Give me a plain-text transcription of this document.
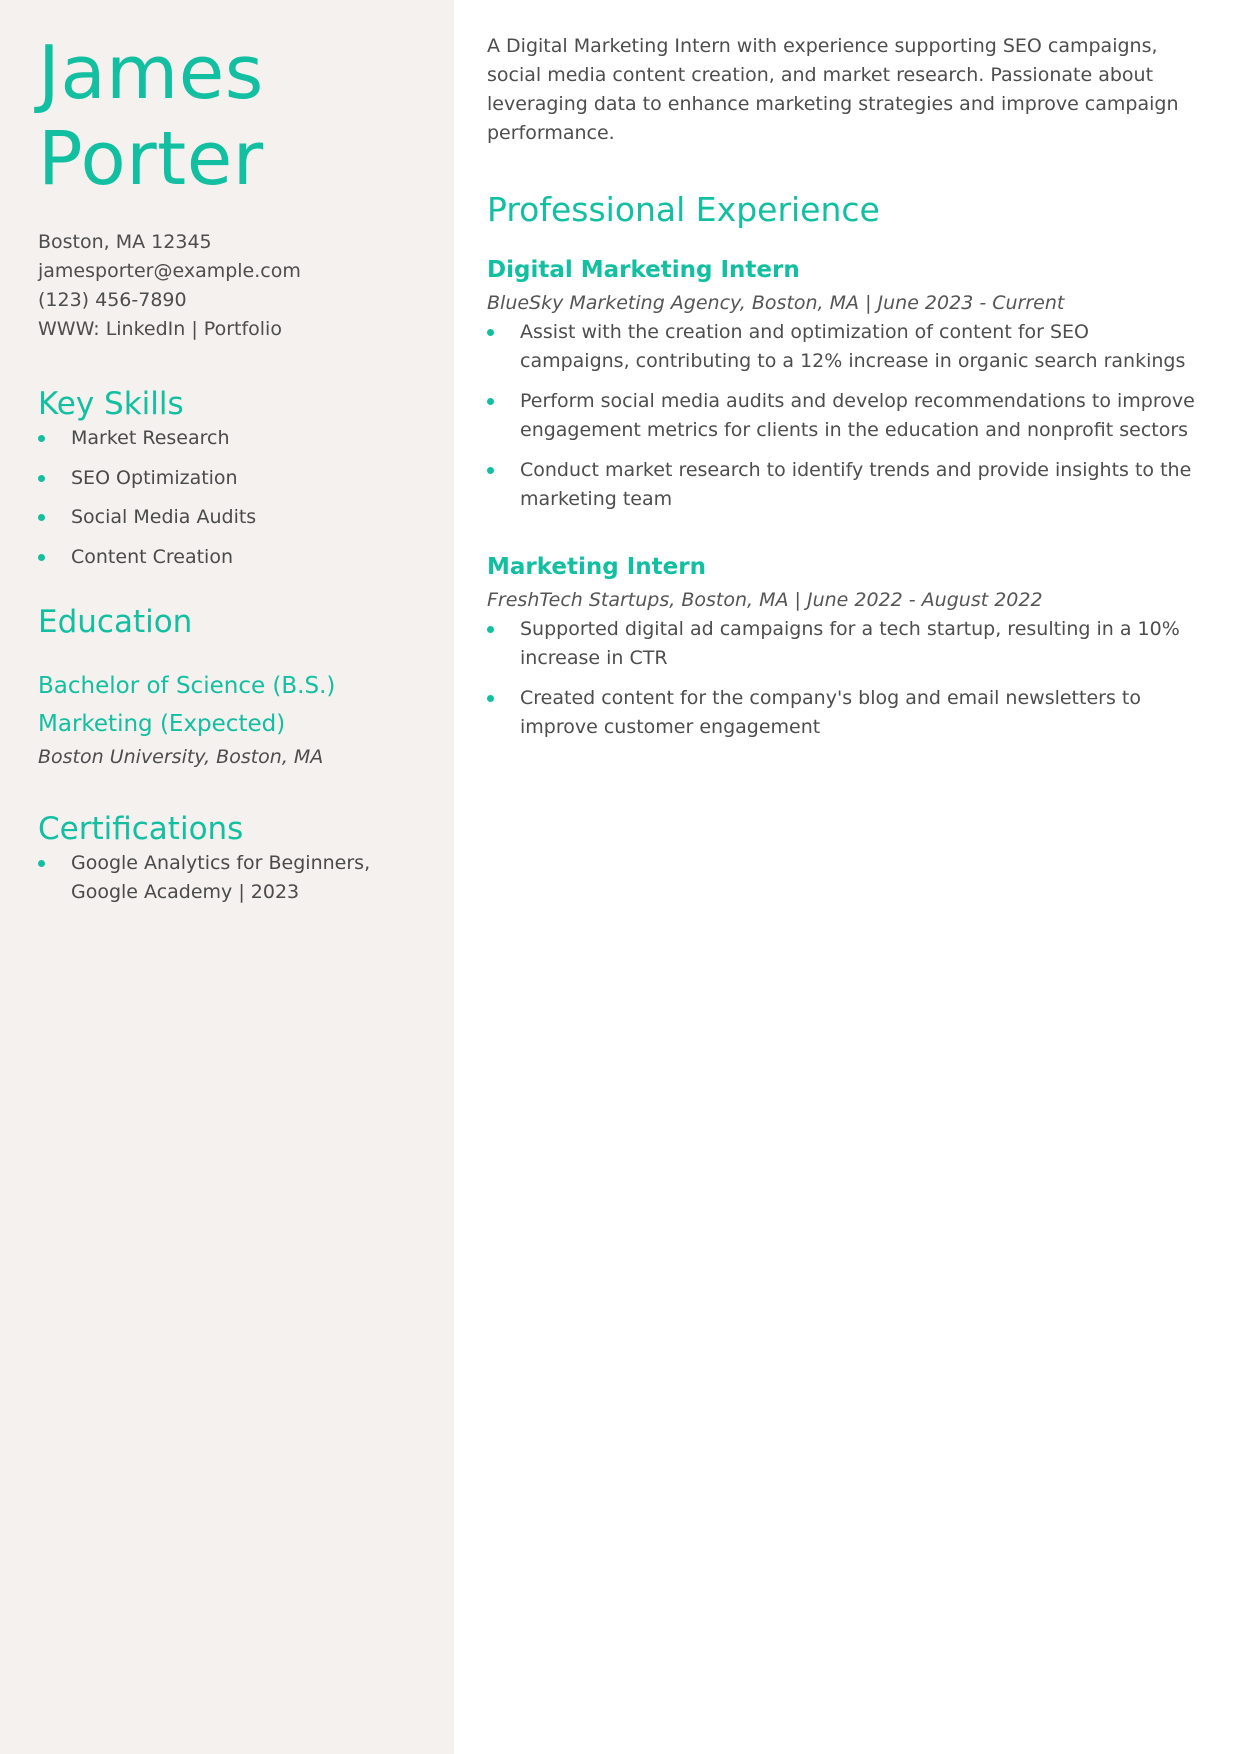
James
Porter
Boston, MA 12345
jamesporter@example.com
(123) 456-7890
WWW: LinkedIn | Portfolio
Key Skills
Market Research
SEO Optimization
Social Media Audits
Content Creation
Education
Bachelor of Science (B.S.)
Marketing (Expected)
Boston University, Boston, MA
Certifications
Google Analytics for Beginners, Google Academy | 2023

A Digital Marketing Intern with experience supporting SEO campaigns, social media content creation, and market research. Passionate about leveraging data to enhance marketing strategies and improve campaign performance.

Professional Experience
Digital Marketing Intern
BlueSky Marketing Agency, Boston, MA | June 2023 - Current
Assist with the creation and optimization of content for SEO campaigns, contributing to a 12% increase in organic search rankings
Perform social media audits and develop recommendations to improve engagement metrics for clients in the education and nonprofit sectors
Conduct market research to identify trends and provide insights to the marketing team
Marketing Intern
FreshTech Startups, Boston, MA | June 2022 - August 2022
Supported digital ad campaigns for a tech startup, resulting in a 10% increase in CTR
Created content for the company's blog and email newsletters to improve customer engagement
